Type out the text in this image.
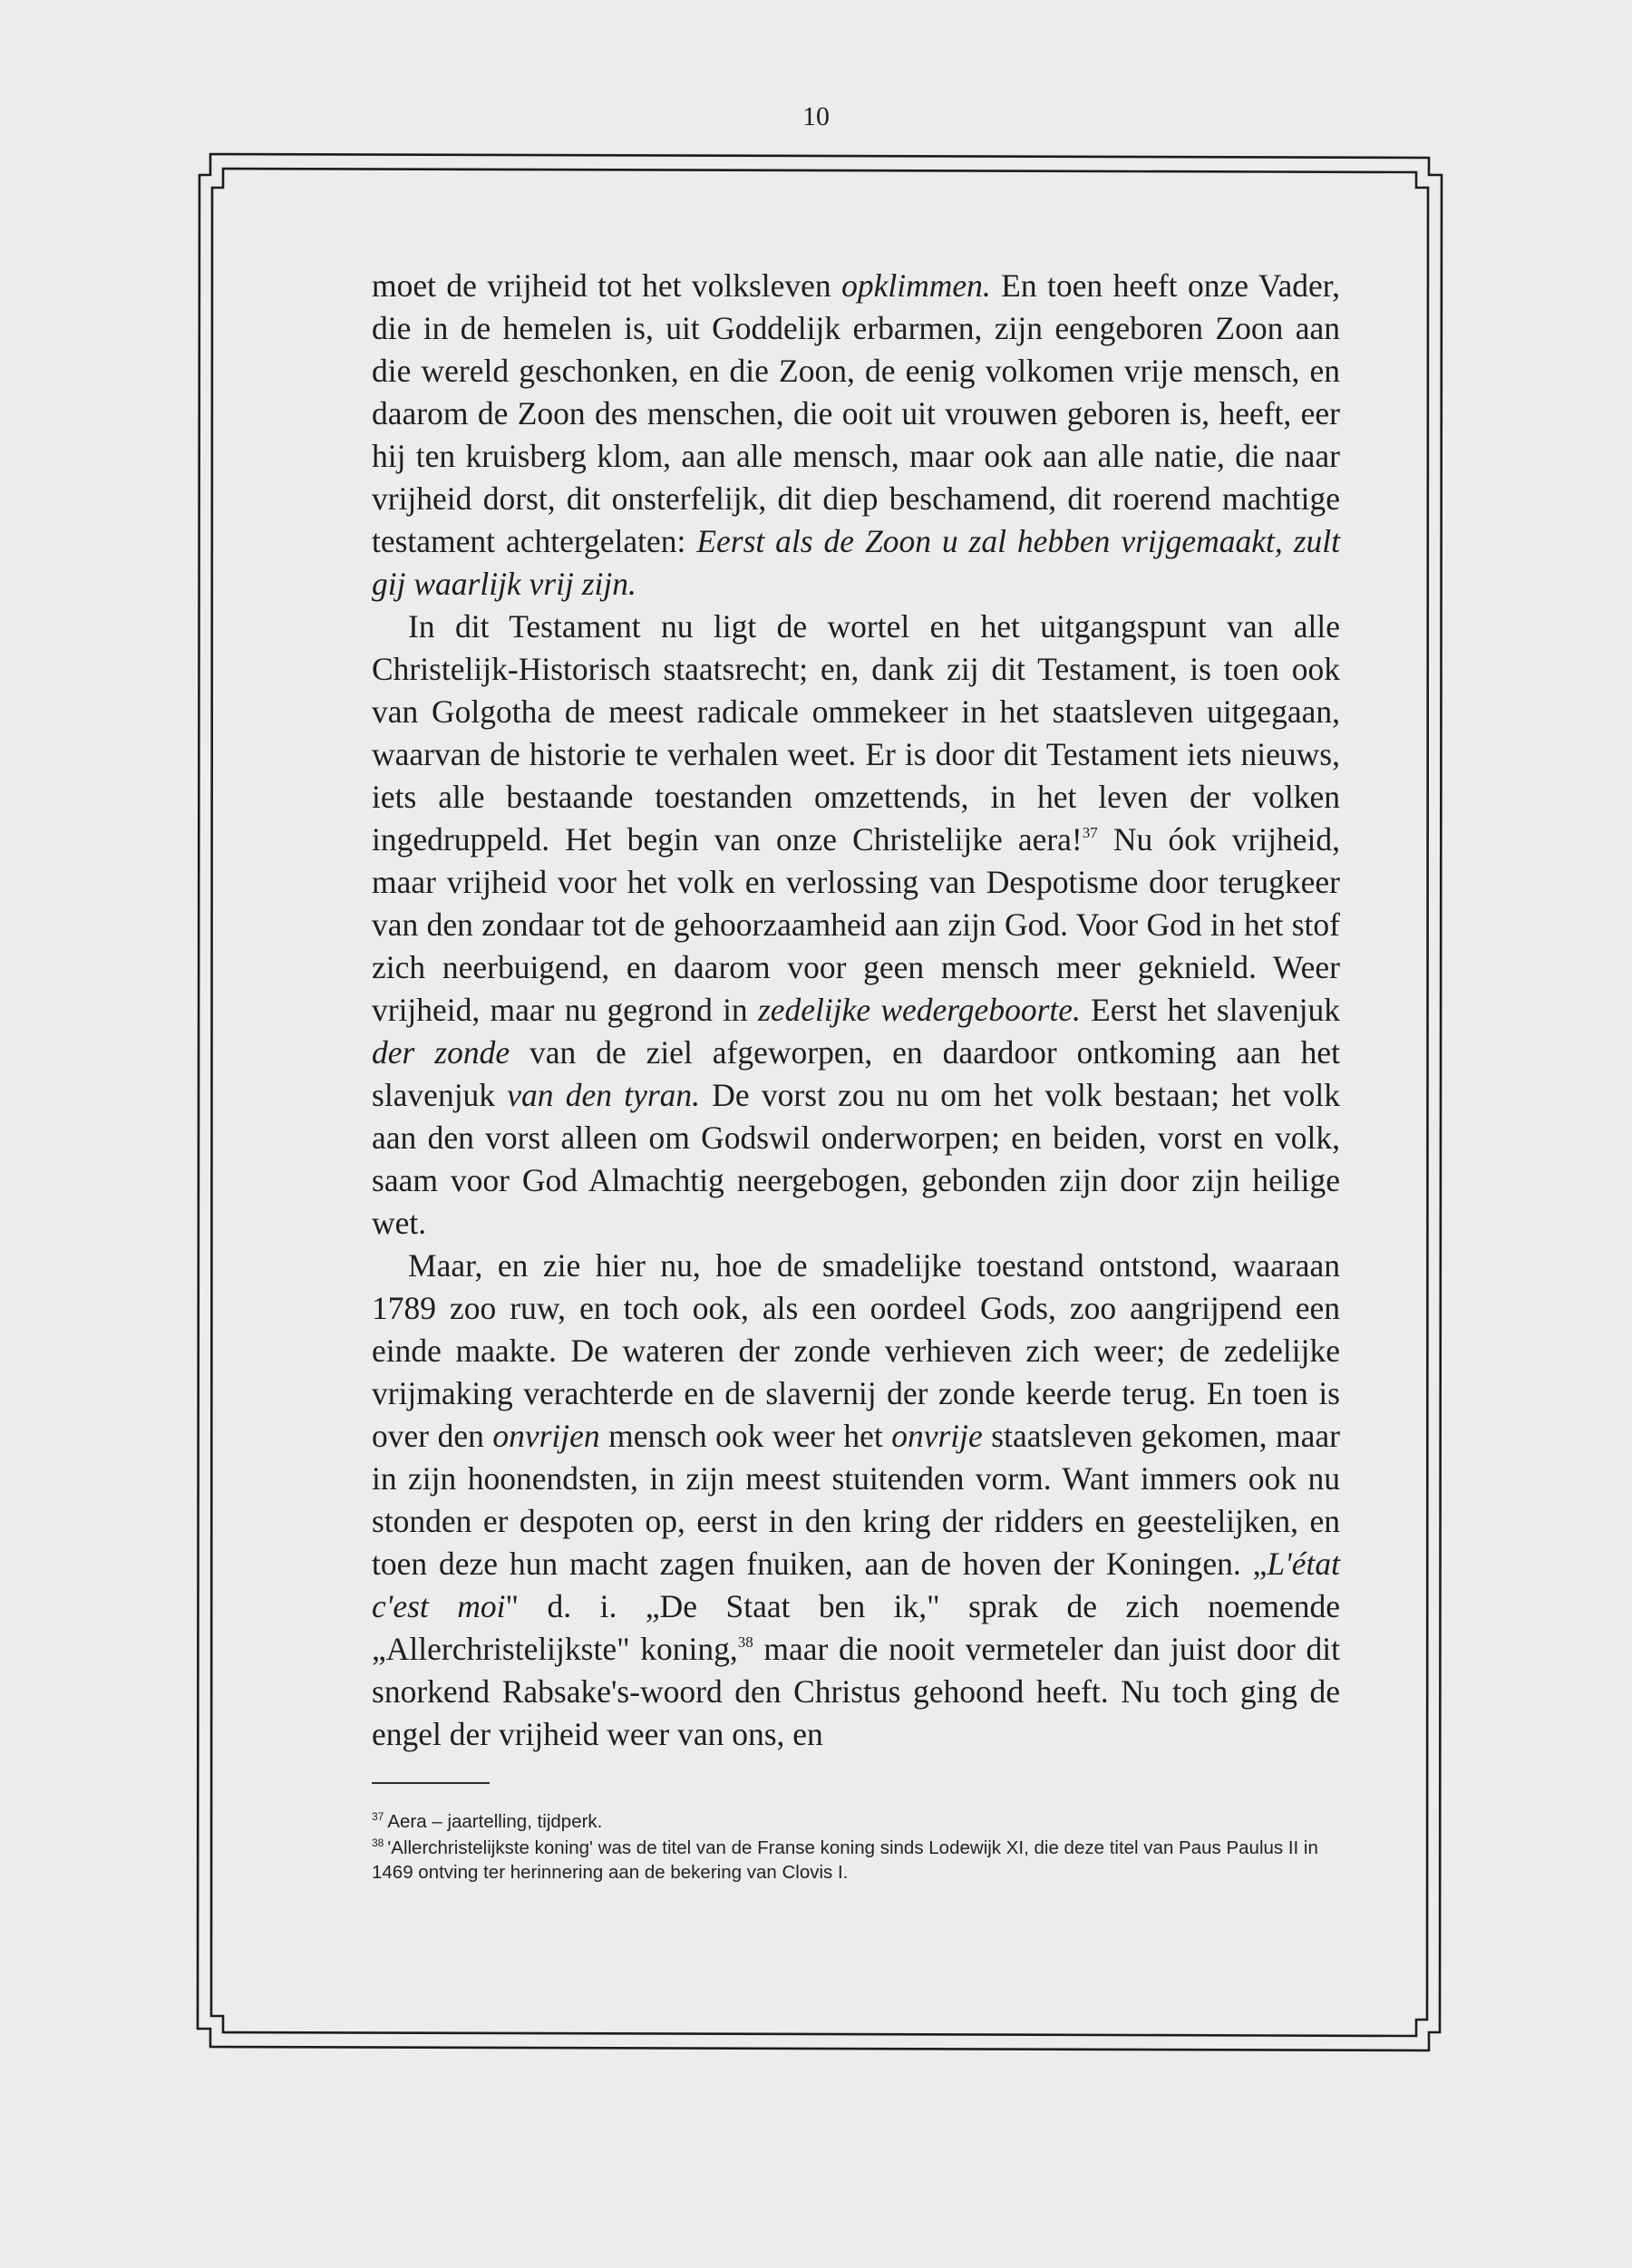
10

moet de vrijheid tot het volksleven opklimmen. En toen heeft onze Vader, die in de hemelen is, uit Goddelijk erbarmen, zijn eengeboren Zoon aan die wereld geschonken, en die Zoon, de eenig volkomen vrije mensch, en daarom de Zoon des menschen, die ooit uit vrouwen geboren is, heeft, eer hij ten kruisberg klom, aan alle mensch, maar ook aan alle natie, die naar vrijheid dorst, dit onsterfelijk, dit diep beschamend, dit roerend machtige testament achtergelaten: Eerst als de Zoon u zal hebben vrijgemaakt, zult gij waarlijk vrij zijn.

In dit Testament nu ligt de wortel en het uitgangspunt van alle Christelijk-Historisch staatsrecht; en, dank zij dit Testament, is toen ook van Golgotha de meest radicale ommekeer in het staatsleven uitgegaan, waarvan de historie te verhalen weet. Er is door dit Testament iets nieuws, iets alle bestaande toestanden omzettends, in het leven der volken ingedruppeld. Het begin van onze Christelijke aera!$^{37}$ Nu óok vrijheid, maar vrijheid voor het volk en verlossing van Despotisme door terugkeer van den zondaar tot de gehoorzaamheid aan zijn God. Voor God in het stof zich neerbuigend, en daarom voor geen mensch meer geknield. Weer vrijheid, maar nu gegrond in zedelijke wedergeboorte. Eerst het slavenjuk der zonde van de ziel afgeworpen, en daardoor ontkoming aan het slavenjuk van den tyran. De vorst zou nu om het volk bestaan; het volk aan den vorst alleen om Godswil onderworpen; en beiden, vorst en volk, saam voor God Almachtig neergebogen, gebonden zijn door zijn heilige wet.

Maar, en zie hier nu, hoe de smadelijke toestand ontstond, waaraan 1789 zoo ruw, en toch ook, als een oordeel Gods, zoo aangrijpend een einde maakte. De wateren der zonde verhieven zich weer; de zedelijke vrijmaking verachterde en de slavernij der zonde keerde terug. En toen is over den onvrijen mensch ook weer het onvrije staatsleven gekomen, maar in zijn hoonendsten, in zijn meest stuitenden vorm. Want immers ook nu stonden er despoten op, eerst in den kring der ridders en geestelijken, en toen deze hun macht zagen fnuiken, aan de hoven der Koningen. „L'état c'est moi" d. i. „De Staat ben ik," sprak de zich noemende „Allerchristelijkste" koning,$^{38}$ maar die nooit vermeteler dan juist door dit snorkend Rabsake's-woord den Christus gehoond heeft. Nu toch ging de engel der vrijheid weer van ons, en

$^{37}$ Aera – jaartelling, tijdperk.

$^{38}$ 'Allerchristelijkste koning' was de titel van de Franse koning sinds Lodewijk XI, die deze titel van Paus Paulus II in 1469 ontving ter herinnering aan de bekering van Clovis I.
